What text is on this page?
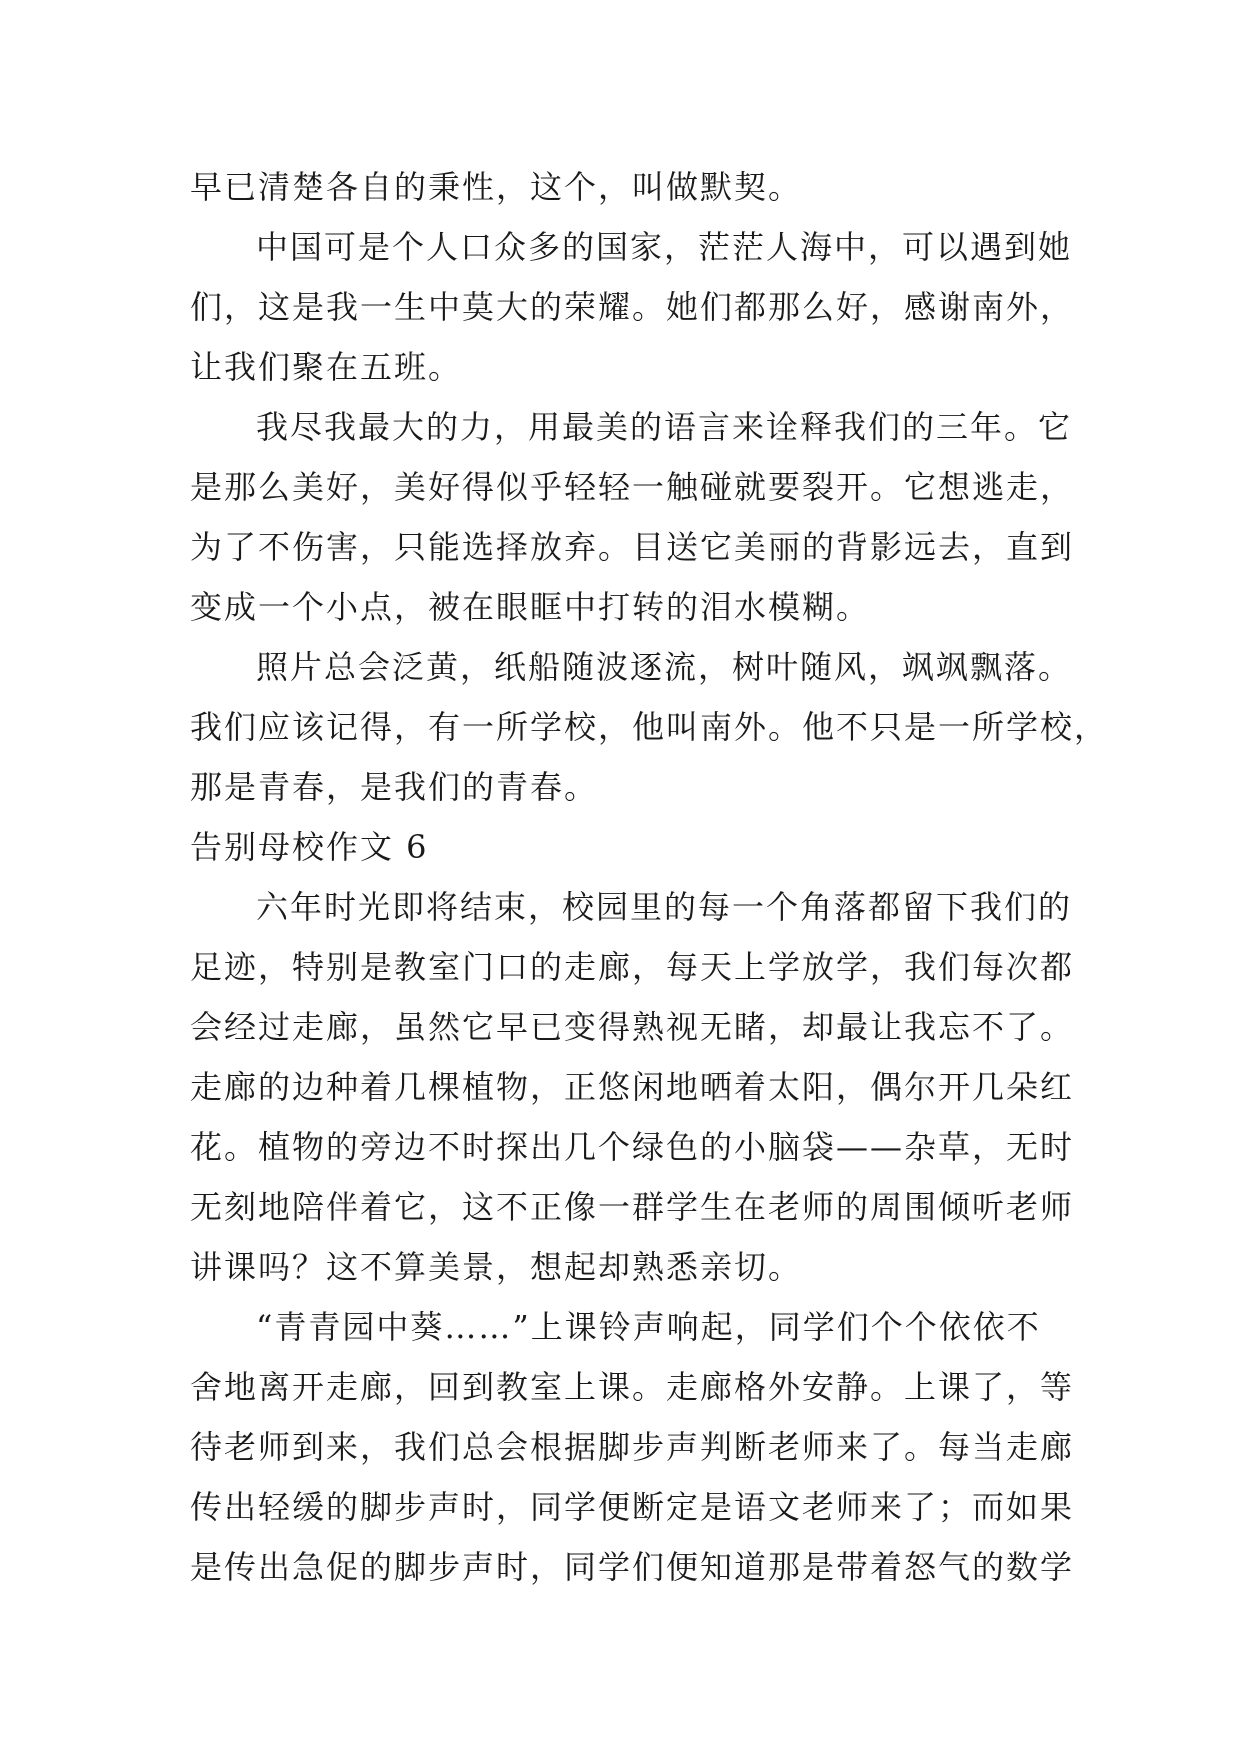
早已清楚各自的秉性，这个，叫做默契。
中国可是个人口众多的国家，茫茫人海中，可以遇到她
们，这是我一生中莫大的荣耀。她们都那么好，感谢南外，
让我们聚在五班。
我尽我最大的力，用最美的语言来诠释我们的三年。它
是那么美好，美好得似乎轻轻一触碰就要裂开。它想逃走，
为了不伤害，只能选择放弃。目送它美丽的背影远去，直到
变成一个小点，被在眼眶中打转的泪水模糊。
照片总会泛黄，纸船随波逐流，树叶随风，飒飒飘落。
我们应该记得，有一所学校，他叫南外。他不只是一所学校，
那是青春，是我们的青春。
告别母校作文 6
六年时光即将结束，校园里的每一个角落都留下我们的
足迹，特别是教室门口的走廊，每天上学放学，我们每次都
会经过走廊，虽然它早已变得熟视无睹，却最让我忘不了。
走廊的边种着几棵植物，正悠闲地晒着太阳，偶尔开几朵红
花。植物的旁边不时探出几个绿色的小脑袋——杂草，无时
无刻地陪伴着它，这不正像一群学生在老师的周围倾听老师
讲课吗？这不算美景，想起却熟悉亲切。
“青青园中葵……”上课铃声响起，同学们个个依依不
舍地离开走廊，回到教室上课。走廊格外安静。上课了，等
待老师到来，我们总会根据脚步声判断老师来了。每当走廊
传出轻缓的脚步声时，同学便断定是语文老师来了；而如果
是传出急促的脚步声时，同学们便知道那是带着怒气的数学
